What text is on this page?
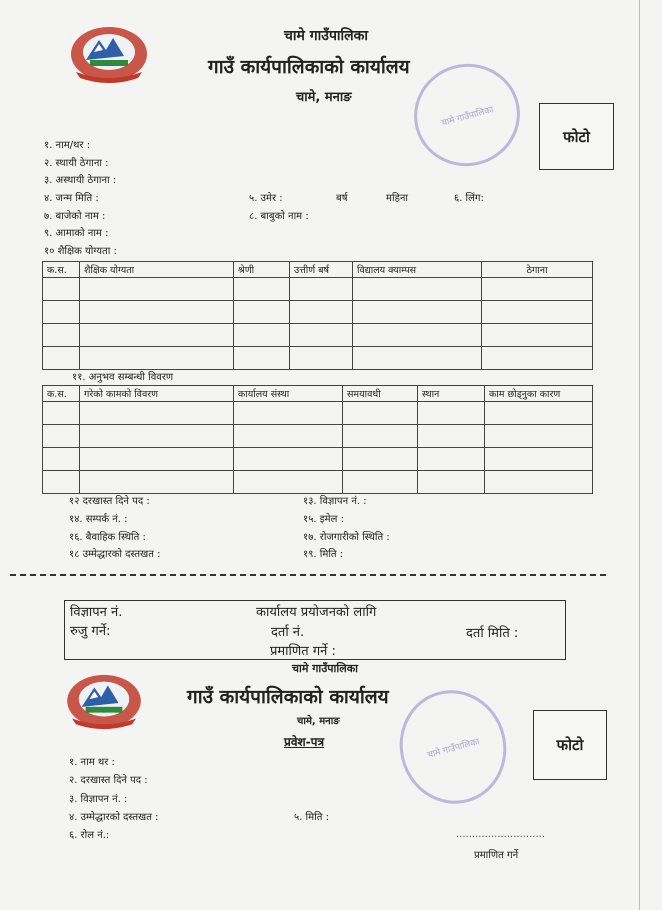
चामे गाउँपालिका
गाउँ कार्यपालिकाको कार्यालय
चामे, मनाङ
चामे गाउँपालिका
फोटो
१. नाम/थर :
२. स्थायी ठेगाना :
३. अस्थायी ठेगाना :
४. जन्म मिति :	५. उमेर :	बर्ष	महिना	६. लिंग:
७. बाजेको नाम :	८. बाबुको नाम :
९. आमाको नाम :
१० शैक्षिक योग्यता :
क.स.	शैक्षिक योग्यता	श्रेणी	उत्तीर्ण बर्ष	विद्यालय क्याम्पस	ठेगाना

११. अनुभव सम्बन्धी विवरण
क.स.	गरेको कामको विवरण	कार्यालय संस्था	समयावधी	स्थान	काम छोड्नुका कारण

१२ दरखास्त दिने पद :	१३. विज्ञापन नं. :
१४. सम्पर्क नं. :	१५. इमेल :
१६. बैवाहिक स्थिति :	१७. रोजगारीको स्थिति :
१८ उम्मेद्धारको दस्तखत :	१९. मिति :
विज्ञापन नं.	कार्यालय प्रयोजनको लागि
रुजु गर्ने:	दर्ता नं.	दर्ता मिति :
प्रमाणित गर्ने :
चामे गाउँपालिका
गाउँ कार्यपालिकाको कार्यालय
चामे, मनाङ
प्रवेश-पत्र	चामे गाउँपालिका	फोटो
१. नाम थर :
२. दरखास्त दिने पद :
३. विज्ञापन नं. :
४. उम्मेद्धारको दस्तखत :	५. मिति :
६. रोल नं.:	............................
प्रमाणित गर्ने
